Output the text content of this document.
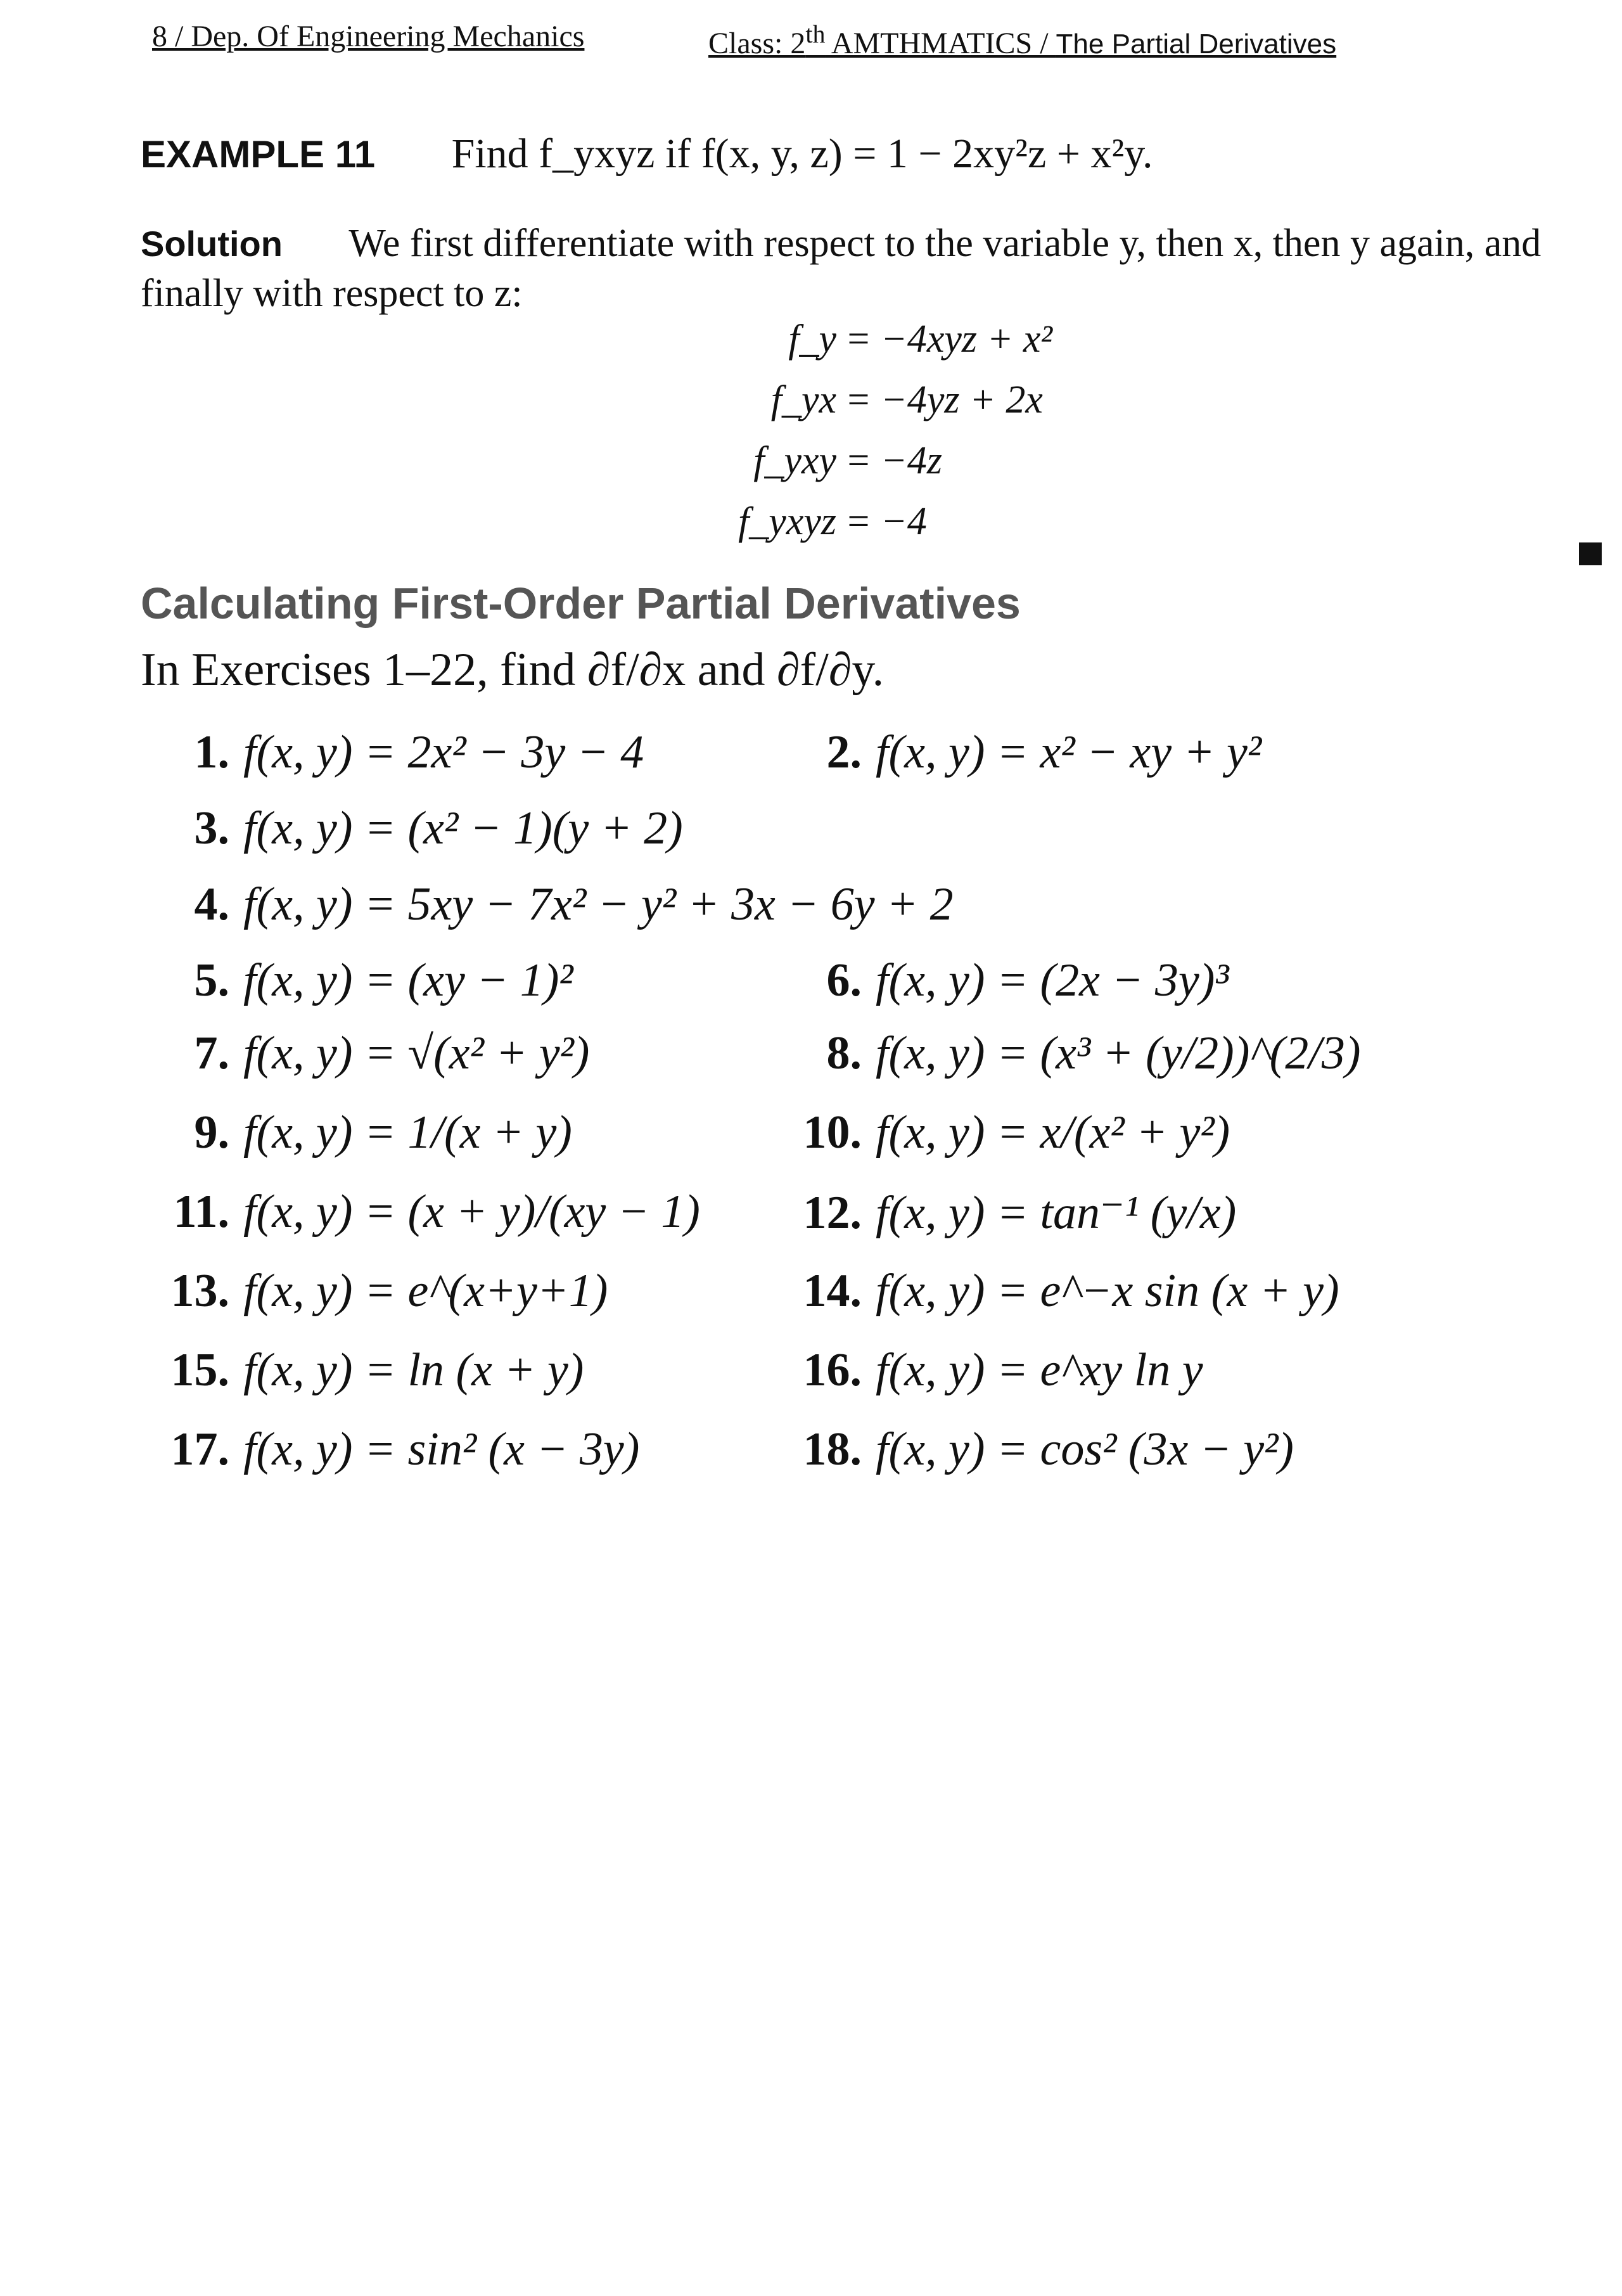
8 / Dep. Of Engineering Mechanics	Class: 2th AMTHMATICS / The Partial Derivatives
EXAMPLE 11 Find f_yxyz if f(x, y, z) = 1 − 2xy²z + x²y.
Solution We first differentiate with respect to the variable y, then x, then y again, and finally with respect to z:
f_y = −4xyz + x²
f_yx = −4yz + 2x
f_yxy = −4z
f_yxyz = −4
Calculating First-Order Partial Derivatives
In Exercises 1–22, find ∂f/∂x and ∂f/∂y.
1. f(x, y) = 2x² − 3y − 4	2. f(x, y) = x² − xy + y²
3. f(x, y) = (x² − 1)(y + 2)
4. f(x, y) = 5xy − 7x² − y² + 3x − 6y + 2
5. f(x, y) = (xy − 1)²	6. f(x, y) = (2x − 3y)³
7. f(x, y) = √(x² + y²)	8. f(x, y) = (x³ + (y/2))^(2/3)
9. f(x, y) = 1/(x + y)	10. f(x, y) = x/(x² + y²)
11. f(x, y) = (x + y)/(xy − 1)	12. f(x, y) = tan⁻¹ (y/x)
13. f(x, y) = e^(x+y+1)	14. f(x, y) = e^−x sin (x + y)
15. f(x, y) = ln (x + y)	16. f(x, y) = e^xy ln y
17. f(x, y) = sin² (x − 3y)	18. f(x, y) = cos² (3x − y²)
